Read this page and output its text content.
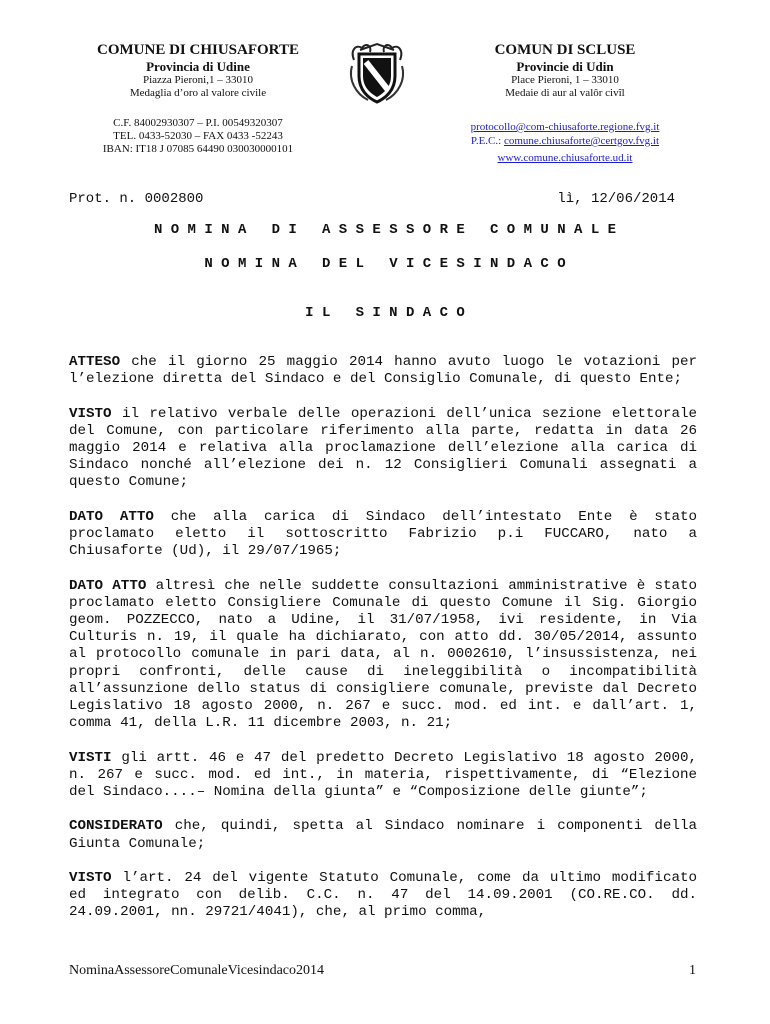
COMUNE DI CHIUSAFORTE
Provincia di Udine
Piazza Pieroni,1 – 33010
Medaglia d’oro al valore civile
C.F. 84002930307 – P.I. 00549320307
TEL. 0433-52030 – FAX 0433 -52243
IBAN: IT18 J 07085 64490 030030000101
COMUN DI SCLUSE
Provincie di Udin
Place Pieroni, 1 – 33010
Medaie di aur al valôr civîl
protocollo@com-chiusaforte.regione.fvg.it
P.E.C.: comune.chiusaforte@certgov.fvg.it
www.comune.chiusaforte.ud.it
Prot. n. 0002800	lì, 12/06/2014
N O M I N A   D I   A S S E S S O R E   C O M U N A L E
N O M I N A   D E L   V I C E S I N D A C O
I L   S I N D A C O

ATTESO che il giorno 25 maggio 2014 hanno avuto luogo le votazioni per l’elezione diretta del Sindaco e del Consiglio Comunale, di questo Ente;

VISTO il relativo verbale delle operazioni dell’unica sezione elettorale del Comune, con particolare riferimento alla parte, redatta in data 26 maggio 2014 e relativa alla proclamazione dell’elezione alla carica di Sindaco nonché all’elezione dei n. 12 Consiglieri Comunali assegnati a questo Comune;

DATO ATTO che alla carica di Sindaco dell’intestato Ente è stato proclamato eletto il sottoscritto Fabrizio p.i FUCCARO, nato a Chiusaforte (Ud), il 29/07/1965;

DATO ATTO altresì che nelle suddette consultazioni amministrative è stato proclamato eletto Consigliere Comunale di questo Comune il Sig. Giorgio geom. POZZECCO, nato a Udine, il 31/07/1958, ivi residente, in Via Culturis n. 19, il quale ha dichiarato, con atto dd. 30/05/2014, assunto al protocollo comunale in pari data, al n. 0002610, l’insussistenza, nei propri confronti, delle cause di ineleggibilità o incompatibilità all’assunzione dello status di consigliere comunale, previste dal Decreto Legislativo 18 agosto 2000, n. 267 e succ. mod. ed int. e dall’art. 1, comma 41, della L.R. 11 dicembre 2003, n. 21;

VISTI gli artt. 46 e 47 del predetto Decreto Legislativo 18 agosto 2000, n. 267 e succ. mod. ed int., in materia, rispettivamente, di “Elezione del Sindaco....– Nomina della giunta” e “Composizione delle giunte”;

CONSIDERATO che, quindi, spetta al Sindaco nominare i componenti della Giunta Comunale;

VISTO l’art. 24 del vigente Statuto Comunale, come da ultimo modificato ed integrato con delib. C.C. n. 47 del 14.09.2001 (CO.RE.CO. dd. 24.09.2001, nn. 29721/4041), che, al primo comma,

NominaAssessoreComunaleVicesindaco2014	1
